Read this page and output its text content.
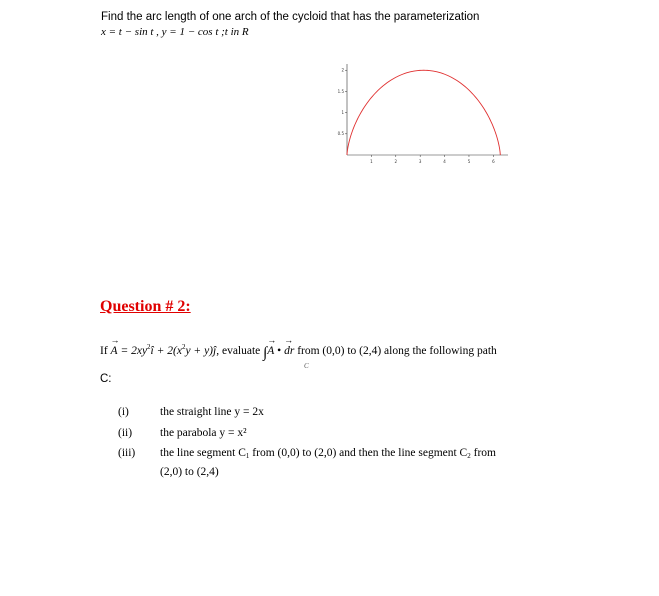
Find the arc length of one arch of the cycloid that has the parameterization
x = t − sin t , y = 1 − cos t ;t in R
1	2	3	4	5	6
0.5
1
1.5
2
Question # 2:
$If \to A = 2xy^2î + 2(x^2y$ + y)ĵ, evaluate ∫→ A • → dr from (0,0) to (2,4) along the following path
C
C:
(i)	the straight line y = 2x
(ii) the parabola y = x²
(iii) the line segment $C_1$ from (0,0) to (2,0) and then the line segment $C_2$ from
(2,0) to (2,4)
